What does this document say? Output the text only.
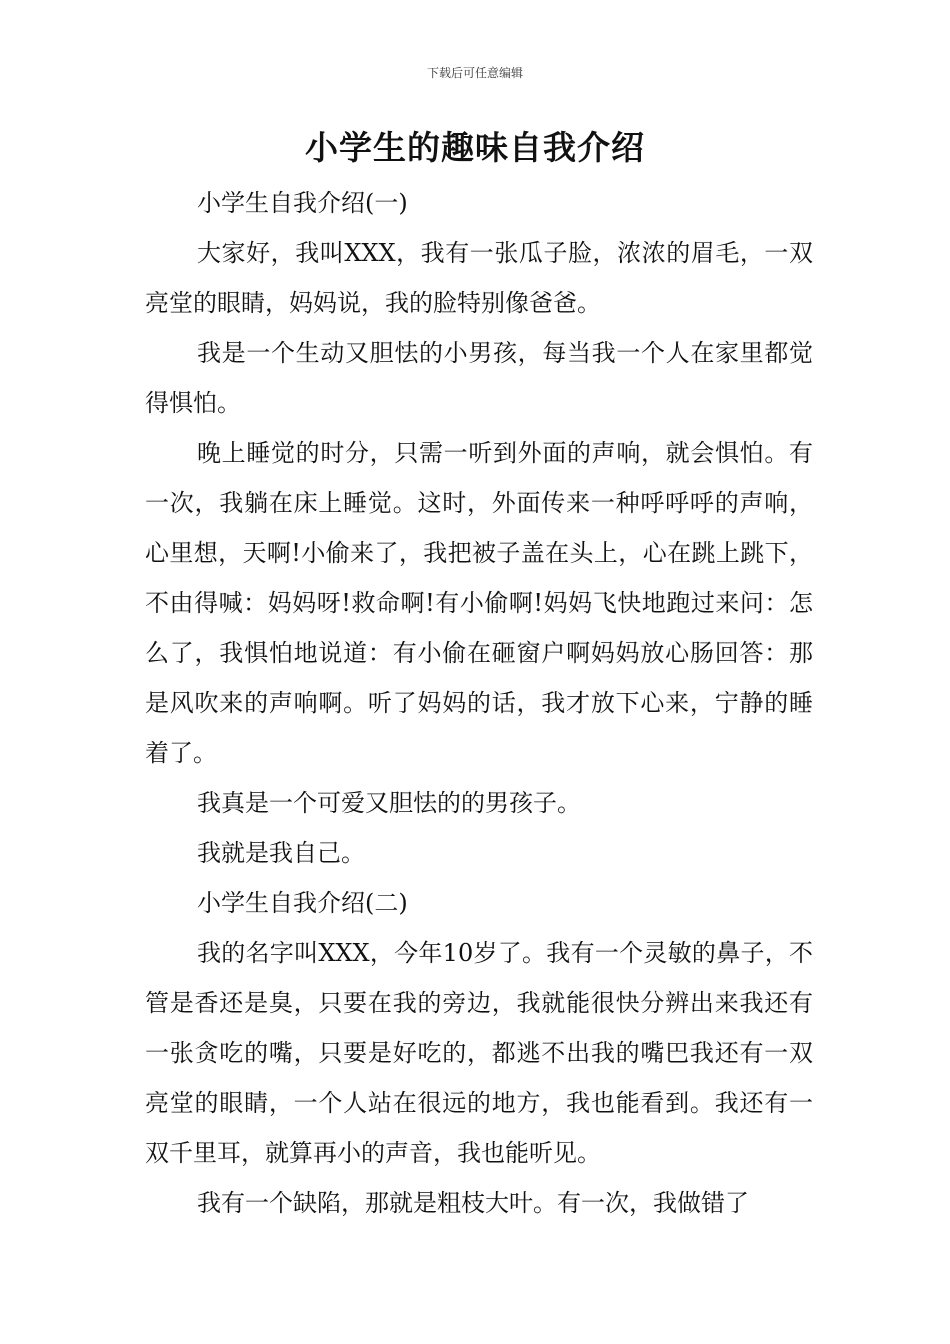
下载后可任意编辑
小学生的趣味自我介绍

小学生自我介绍(一)

大家好，我叫XXX，我有一张瓜子脸，浓浓的眉毛，一双亮堂的眼睛，妈妈说，我的脸特别像爸爸。

我是一个生动又胆怯的小男孩，每当我一个人在家里都觉得惧怕。

晚上睡觉的时分，只需一听到外面的声响，就会惧怕。有一次，我躺在床上睡觉。这时，外面传来一种呼呼呼的声响，心里想，天啊!小偷来了，我把被子盖在头上，心在跳上跳下，不由得喊：妈妈呀!救命啊!有小偷啊!妈妈飞快地跑过来问：怎么了，我惧怕地说道：有小偷在砸窗户啊妈妈放心肠回答：那是风吹来的声响啊。听了妈妈的话，我才放下心来，宁静的睡着了。

我真是一个可爱又胆怯的的男孩子。

我就是我自己。

小学生自我介绍(二)

我的名字叫XXX，今年10岁了。我有一个灵敏的鼻子，不管是香还是臭，只要在我的旁边，我就能很快分辨出来我还有一张贪吃的嘴，只要是好吃的，都逃不出我的嘴巴我还有一双亮堂的眼睛，一个人站在很远的地方，我也能看到。我还有一双千里耳，就算再小的声音，我也能听见。

我有一个缺陷，那就是粗枝大叶。有一次，我做错了
